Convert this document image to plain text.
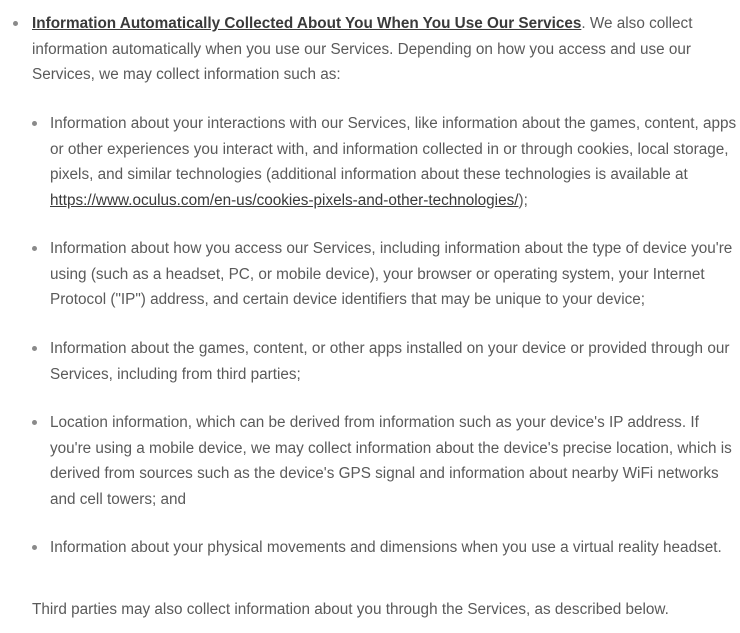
Information Automatically Collected About You When You Use Our Services. We also collect information automatically when you use our Services. Depending on how you access and use our Services, we may collect information such as:
Information about your interactions with our Services, like information about the games, content, apps or other experiences you interact with, and information collected in or through cookies, local storage, pixels, and similar technologies (additional information about these technologies is available at https://www.oculus.com/en-us/cookies-pixels-and-other-technologies/);
Information about how you access our Services, including information about the type of device you're using (such as a headset, PC, or mobile device), your browser or operating system, your Internet Protocol ("IP") address, and certain device identifiers that may be unique to your device;
Information about the games, content, or other apps installed on your device or provided through our Services, including from third parties;
Location information, which can be derived from information such as your device's IP address. If you're using a mobile device, we may collect information about the device's precise location, which is derived from sources such as the device's GPS signal and information about nearby WiFi networks and cell towers; and
Information about your physical movements and dimensions when you use a virtual reality headset.

Third parties may also collect information about you through the Services, as described below.
